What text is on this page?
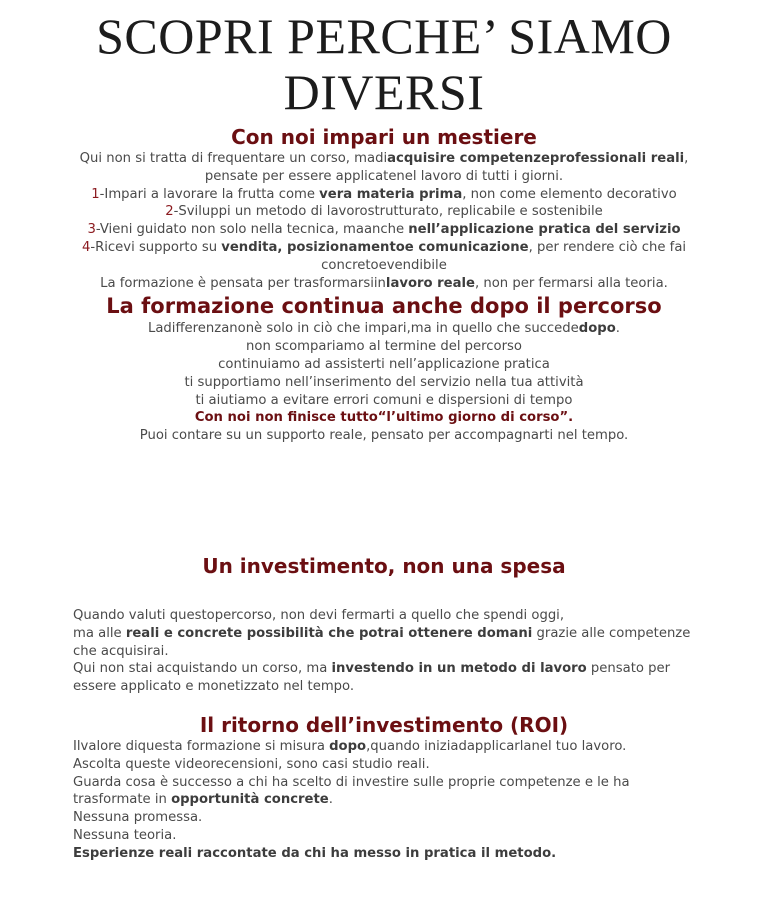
SCOPRI PERCHE’ SIAMO
DIVERSI
Con noi impari un mestiere

Qui non si tratta di frequentare un corso, madiacquisire competenzeprofessionali reali,
pensate per essere applicatenel lavoro di tutti i giorni.

1-Impari a lavorare la frutta come vera materia prima, non come elemento decorativo
2-Sviluppi un metodo di lavorostrutturato, replicabile e sostenibile
3-Vieni guidato non solo nella tecnica, maanche nell’applicazione pratica del servizio
4-Ricevi supporto su vendita, posizionamentoe comunicazione, per rendere ciò che fai
concretoevendibile

La formazione è pensata per trasformarsiinlavoro reale, non per fermarsi alla teoria.

La formazione continua anche dopo il percorso

Ladifferenzanonè solo in ciò che impari,ma in quello che succededopo.
non scompariamo al termine del percorso
continuiamo ad assisterti nell’applicazione pratica
ti supportiamo nell’inserimento del servizio nella tua attività
ti aiutiamo a evitare errori comuni e dispersioni di tempo
Con noi non finisce tutto“l’ultimo giorno di corso”.
Puoi contare su un supporto reale, pensato per accompagnarti nel tempo.

Un investimento, non una spesa

Quando valuti questopercorso, non devi fermarti a quello che spendi oggi,
ma alle reali e concrete possibilità che potrai ottenere domani grazie alle competenze che acquisirai.
Qui non stai acquistando un corso, ma investendo in un metodo di lavoro pensato per essere applicato e monetizzato nel tempo.

Il ritorno dell’investimento (ROI)

Ilvalore diquesta formazione si misura dopo,quando iniziadapplicarlanel tuo lavoro.
Ascolta queste videorecensioni, sono casi studio reali.
Guarda cosa è successo a chi ha scelto di investire sulle proprie competenze e le ha trasformate in opportunità concrete.
Nessuna promessa.
Nessuna teoria.
Esperienze reali raccontate da chi ha messo in pratica il metodo.
